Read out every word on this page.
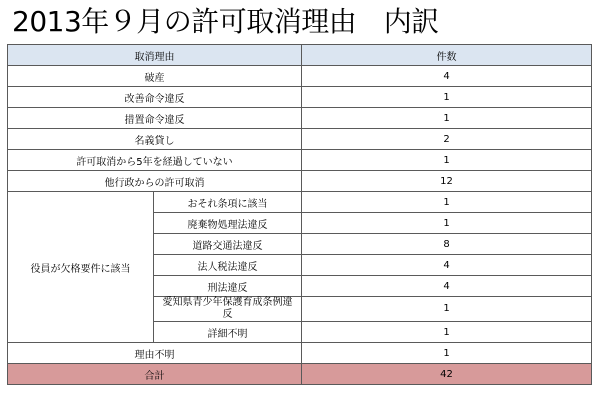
2013年９月の許可取消理由　内訳
取消理由		件数
破産		4
改善命令違反		1
措置命令違反		1
名義貸し		2
許可取消から5年を経過していない		1
他行政からの許可取消		12
役員が欠格要件に該当	おそれ条項に該当	1
	廃棄物処理法違反	1
	道路交通法違反	8
	法人税法違反	4
	刑法違反	4
	愛知県青少年保護育成条例違反	1
	詳細不明	1
理由不明		1
合計		42
